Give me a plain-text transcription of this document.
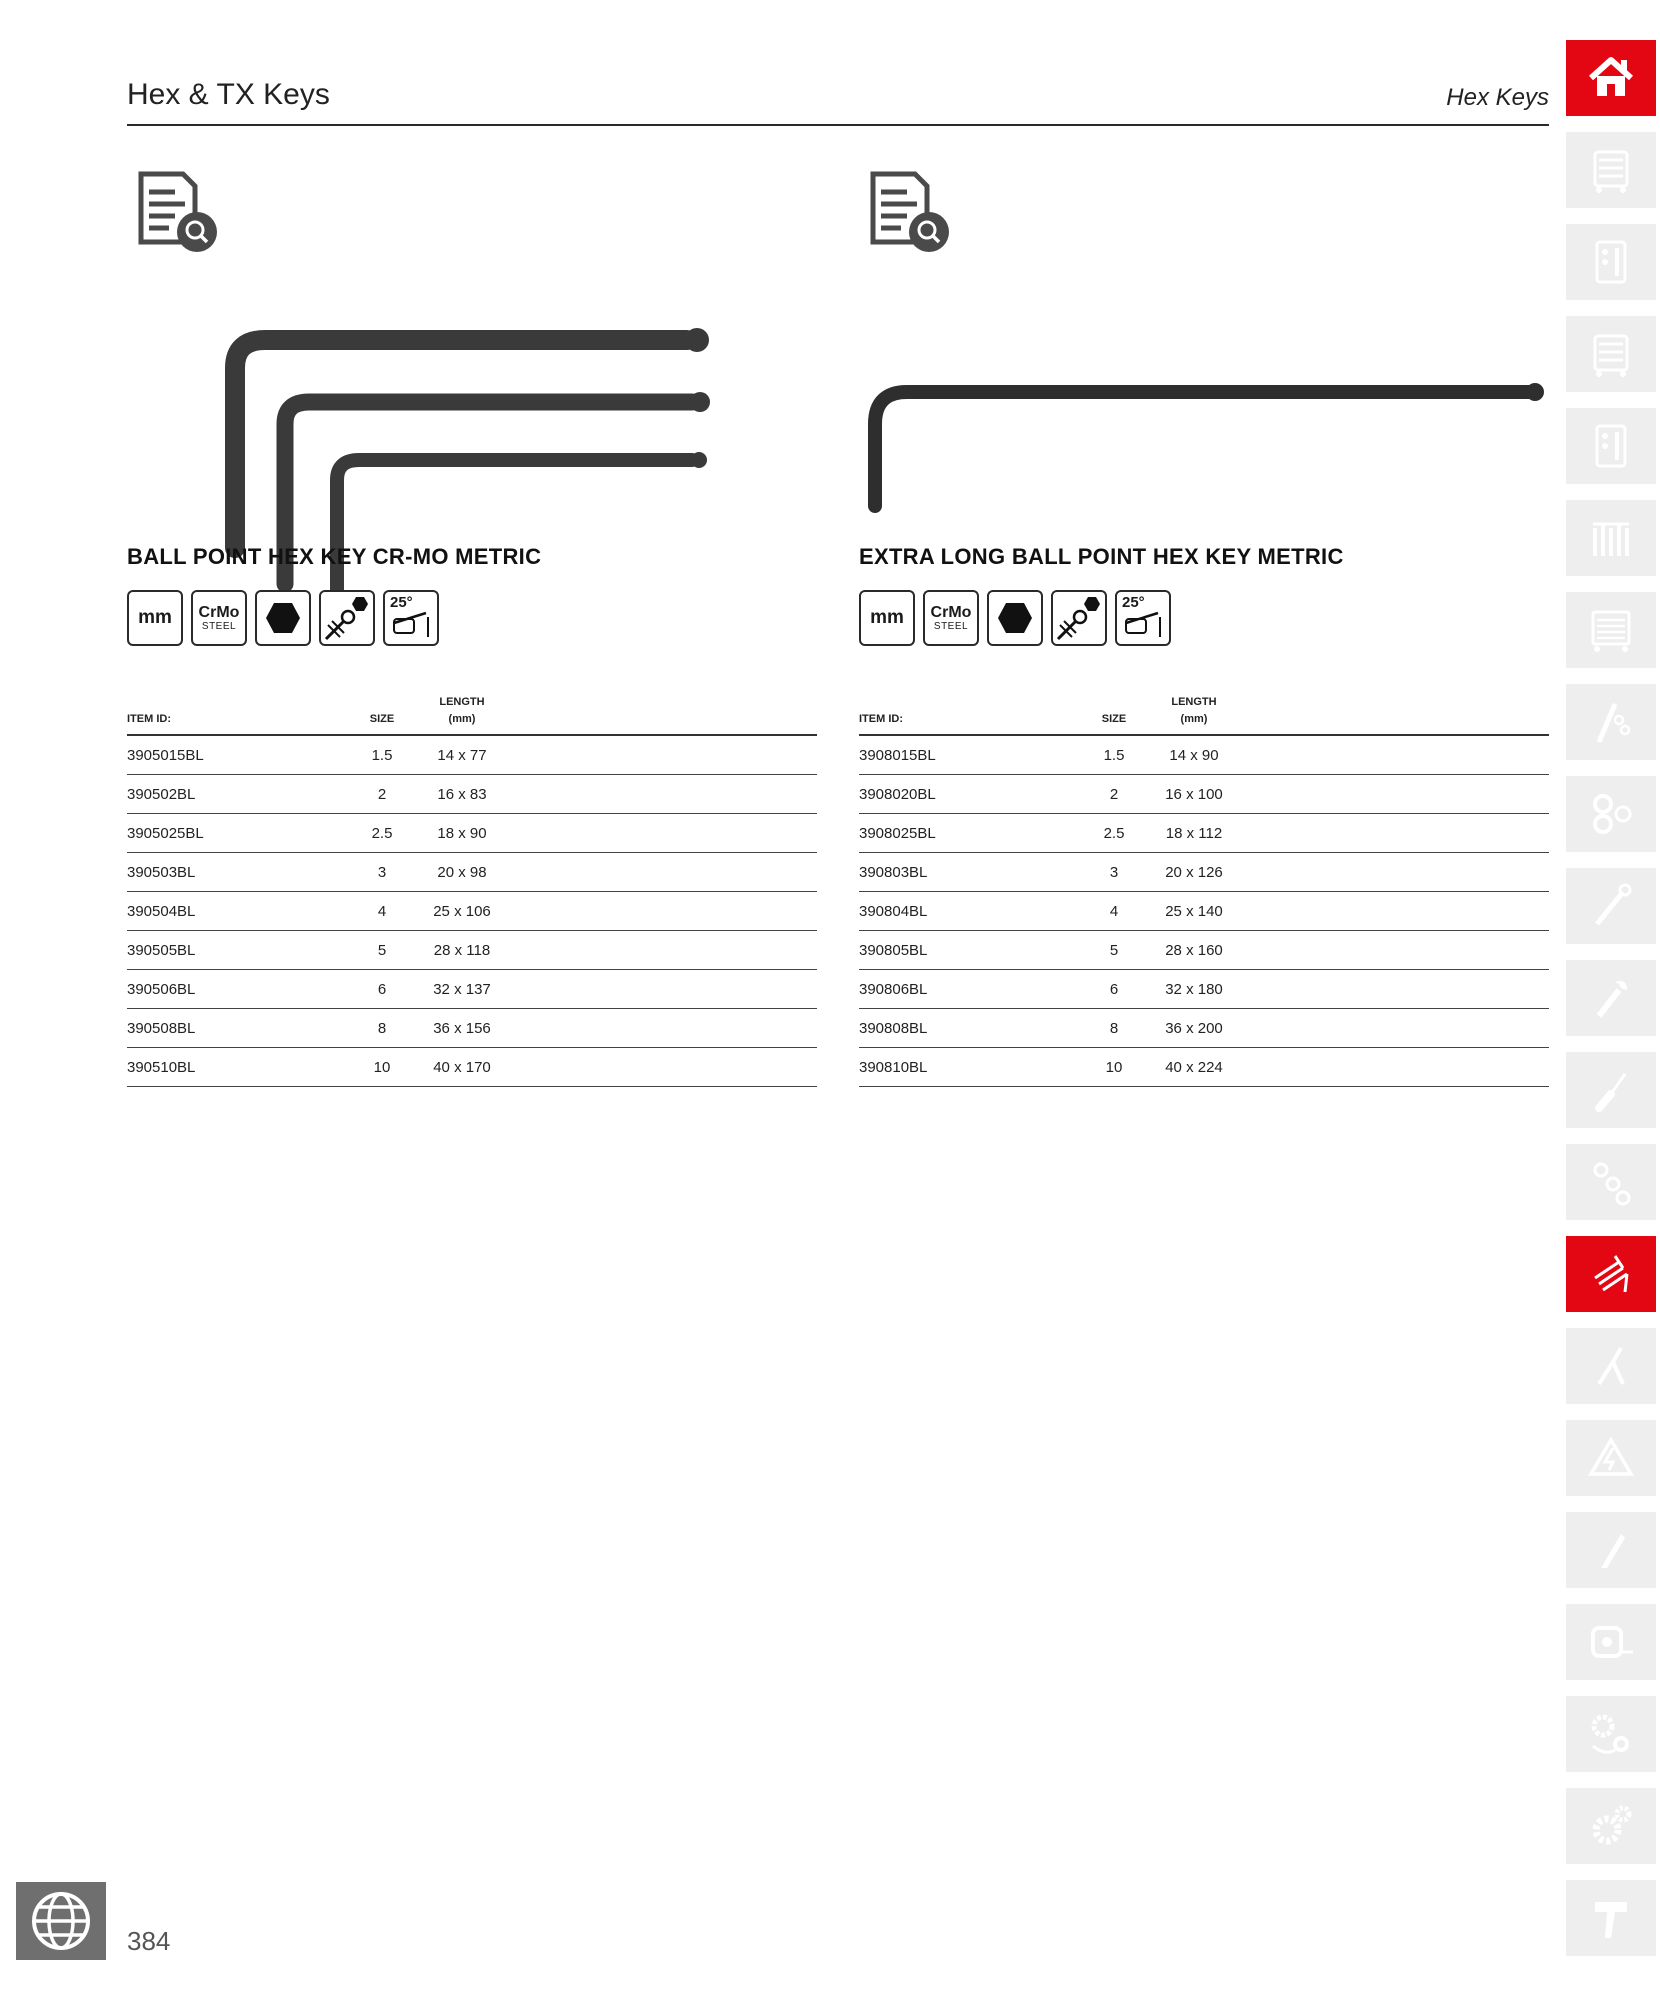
Hex & TX Keys	Hex Keys
BALL POINT HEX KEY CR-MO METRIC
mm CrMo
STEEL
25°
ITEM ID:	SIZE	LENGTH
(mm)	
3905015BL	1.5	14 x 77	
390502BL	2	16 x 83	
3905025BL	2.5	18 x 90	
390503BL	3	20 x 98	
390504BL	4	25 x 106	
390505BL	5	28 x 118	
390506BL	6	32 x 137	
390508BL	8	36 x 156	
390510BL	10	40 x 170	
EXTRA LONG BALL POINT HEX KEY METRIC
mm CrMo
STEEL
25°
ITEM ID:	SIZE	LENGTH
(mm)	
3908015BL	1.5	14 x 90	
3908020BL	2	16 x 100	
3908025BL	2.5	18 x 112	
390803BL	3	20 x 126	
390804BL	4	25 x 140	
390805BL	5	28 x 160	
390806BL	6	32 x 180	
390808BL	8	36 x 200	
390810BL	10	40 x 224	
384
